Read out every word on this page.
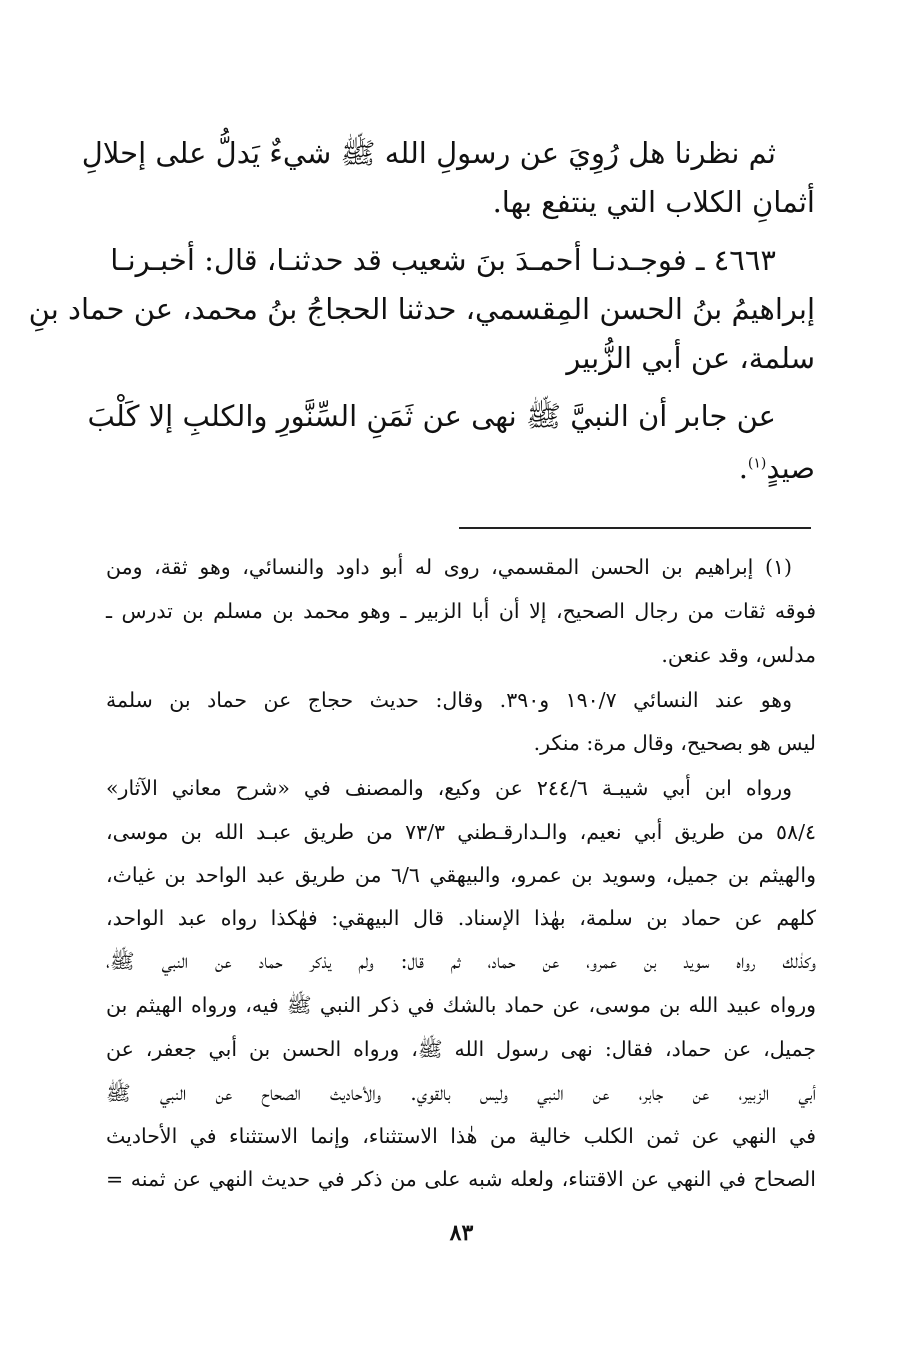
ثم نظرنا هل رُوِيَ عن رسولِ الله ﷺ شيءٌ يَدلُّ على إحلالِ
أثمانِ الكلاب التي ينتفع بها.
٤٦٦٣ ـ فوجـدنـا أحمـدَ بنَ شعيب قد حدثنـا، قال: أخبـرنـا
إبراهيمُ بنُ الحسن المِقسمي، حدثنا الحجاجُ بنُ محمد، عن حماد بنِ
سلمة، عن أبي الزُّبير
عن جابر أن النبيَّ ﷺ نهى عن ثَمَنِ السِّنَّورِ والكلبِ إلا كَلْبَ
صيدٍ$^{(١)}$.
(١) إبراهيم بن الحسن المقسمي، روى له أبو داود والنسائي، وهو ثقة، ومن
فوقه ثقات من رجال الصحيح، إلا أن أبا الزبير ـ وهو محمد بن مسلم بن تدرس ـ
مدلس، وقد عنعن.
وهو عند النسائي ١٩٠/٧ و٣٩٠. وقال: حديث حجاج عن حماد بن سلمة
ليس هو بصحيح، وقال مرة: منكر.
ورواه ابن أبي شيبـة ٢٤٤/٦ عن وكيع، والمصنف في «شرح معاني الآثار»
٥٨/٤ من طريق أبي نعيم، والـدارقـطني ٧٣/٣ من طريق عبـد الله بن موسى،
والهيثم بن جميل، وسويد بن عمرو، والبيهقي ٦/٦ من طريق عبد الواحد بن غياث،
كلهم عن حماد بن سلمة، بهٰذا الإسناد. قال البيهقي: فهٰكذا رواه عبد الواحد،
وكذٰلك رواه سويد بن عمرو، عن حماد، ثم قال: ولم يذكر حماد عن النبي ﷺ،
ورواه عبيد الله بن موسى، عن حماد بالشك في ذكر النبي ﷺ فيه، ورواه الهيثم بن
جميل، عن حماد، فقال: نهى رسول الله ﷺ، ورواه الحسن بن أبي جعفر، عن
أبي الزبير، عن جابر، عن النبي وليس بالقوي. والأحاديث الصحاح عن النبي ﷺ
في النهي عن ثمن الكلب خالية من هٰذا الاستثناء، وإنما الاستثناء في الأحاديث
الصحاح في النهي عن الاقتناء، ولعله شبه على من ذكر في حديث النهي عن ثمنه =
٨٣
